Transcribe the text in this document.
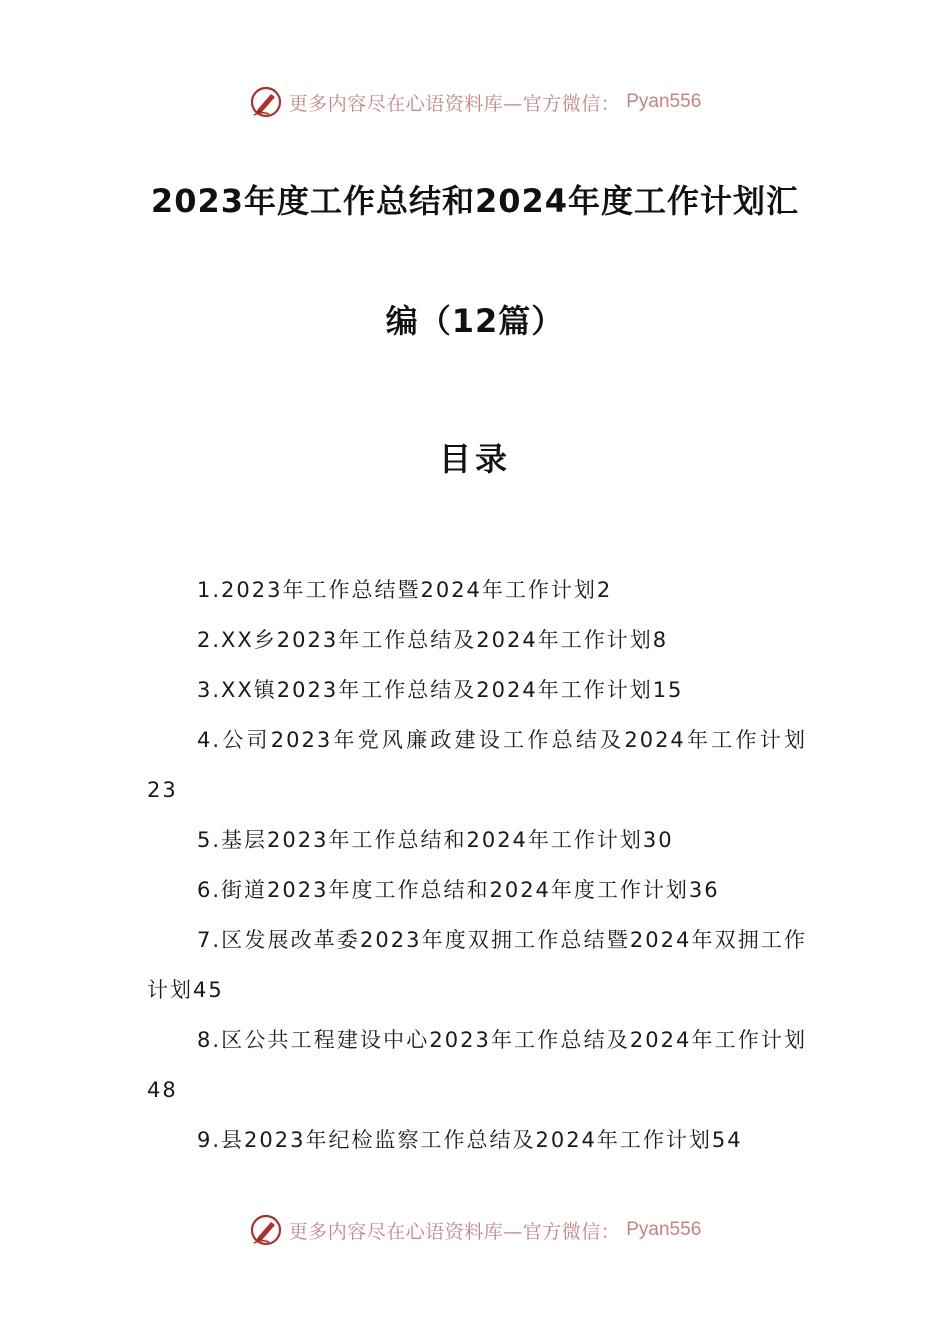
更多内容尽在心语资料库—官方微信： Pyan556
2023年度工作总结和2024年度工作计划汇
编（12篇）
目录
1.2023年工作总结暨2024年工作计划2
2.XX乡2023年工作总结及2024年工作计划8
3.XX镇2023年工作总结及2024年工作计划15
4.公司2023年党风廉政建设工作总结及2024年工作计划23
5.基层2023年工作总结和2024年工作计划30
6.街道2023年度工作总结和2024年度工作计划36
7.区发展改革委2023年度双拥工作总结暨2024年双拥工作计划45
8.区公共工程建设中心2023年工作总结及2024年工作计划48
9.县2023年纪检监察工作总结及2024年工作计划54
更多内容尽在心语资料库—官方微信： Pyan556
